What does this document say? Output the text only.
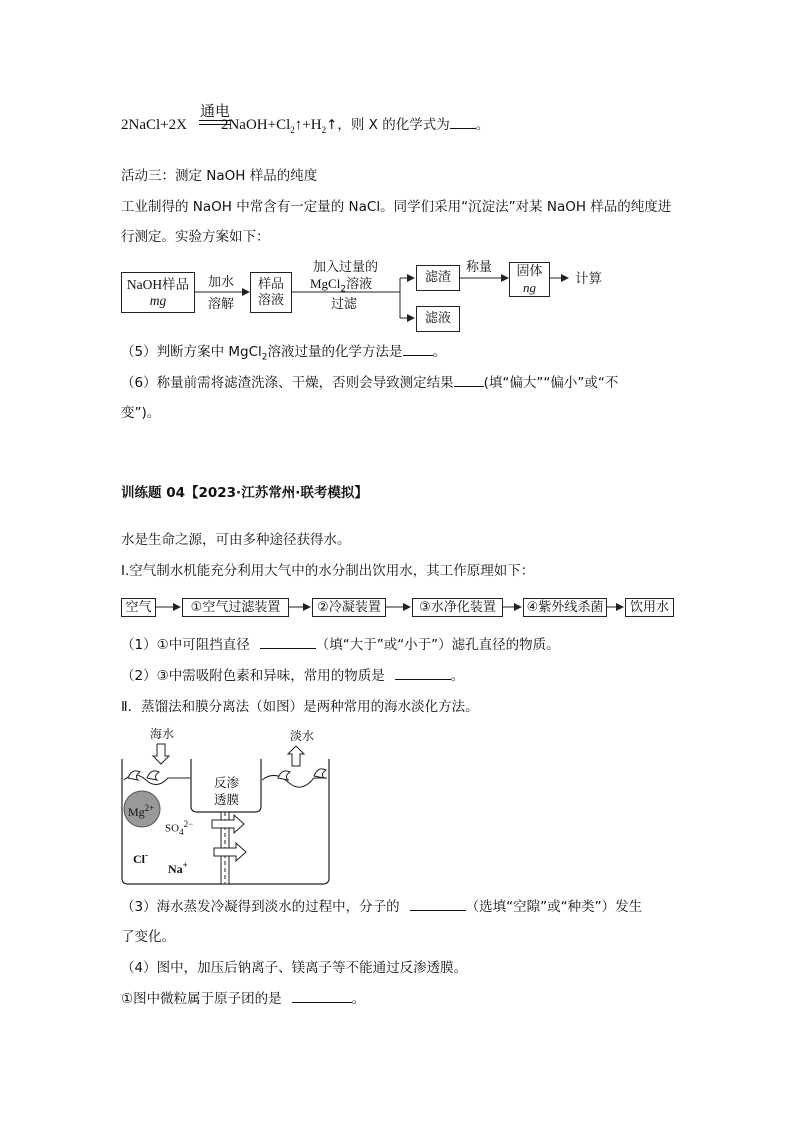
通电
2NaCl+2X $2NaOH+Cl_2↑+H_2↑$，则 X 的化学式为 。
活动三：测定 NaOH 样品的纯度
工业制得的 NaOH 中常含有一定量的 NaCl。同学们采用“沉淀法”对某 NaOH 样品的纯度进
行测定。实验方案如下：
NaOH样品
mg
加水
溶解
样品
溶液
加入过量的
MgCl$_2$溶液
过滤
滤渣
滤液
称量 固体
ng	计算
（5）判断方案中 MgCl$_2$溶液过量的化学方法是 。
（6）称量前需将滤渣洗涤、干燥，否则会导致测定结果 (填“偏大”“偏小”或“不
变”)。
训练题 04【2023·江苏常州·联考模拟】
水是生命之源，可由多种途径获得水。
Ⅰ.空气制水机能充分利用大气中的水分制出饮用水，其工作原理如下：
空气	①空气过滤装置	②冷凝装置	③水净化装置	④紫外线杀菌	饮用水
（1）①中可阻挡直径	（填“大于”或“小于”）滤孔直径的物质。
（2）③中需吸附色素和异味，常用的物质是	。
Ⅱ．蒸馏法和膜分离法（如图）是两种常用的海水淡化方法。
海水	淡水
反渗
透膜
$Mg^{2+}$
$SO_4^{2-}$
Cl-
Na+
（3）海水蒸发冷凝得到淡水的过程中，分子的	（选填“空隙”或“种类”）发生
了变化。
（4）图中，加压后钠离子、镁离子等不能通过反渗透膜。
①图中微粒属于原子团的是	。
